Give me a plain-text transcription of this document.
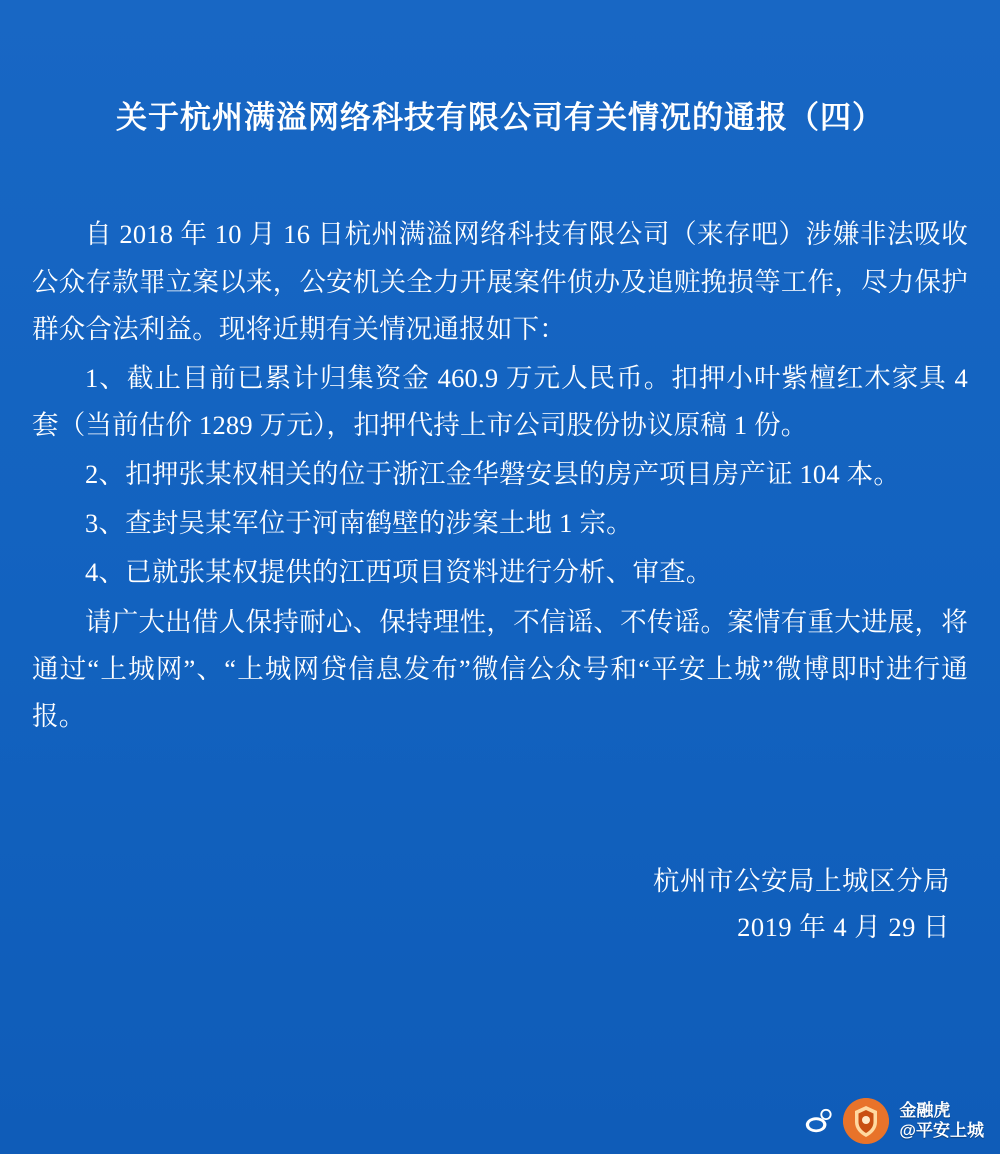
关于杭州满溢网络科技有限公司有关情况的通报（四）

自 2018 年 10 月 16 日杭州满溢网络科技有限公司（来存吧）涉嫌非法吸收公众存款罪立案以来，公安机关全力开展案件侦办及追赃挽损等工作，尽力保护群众合法利益。现将近期有关情况通报如下：

1、截止目前已累计归集资金 460.9 万元人民币。扣押小叶紫檀红木家具 4 套（当前估价 1289 万元），扣押代持上市公司股份协议原稿 1 份。

2、扣押张某权相关的位于浙江金华磐安县的房产项目房产证 104 本。

3、查封吴某军位于河南鹤壁的涉案土地 1 宗。

4、已就张某权提供的江西项目资料进行分析、审查。

请广大出借人保持耐心、保持理性，不信谣、不传谣。案情有重大进展，将通过“上城网”、“上城网贷信息发布”微信公众号和“平安上城”微博即时进行通报。

杭州市公安局上城区分局
2019 年 4 月 29 日
金融虎
@平安上城
